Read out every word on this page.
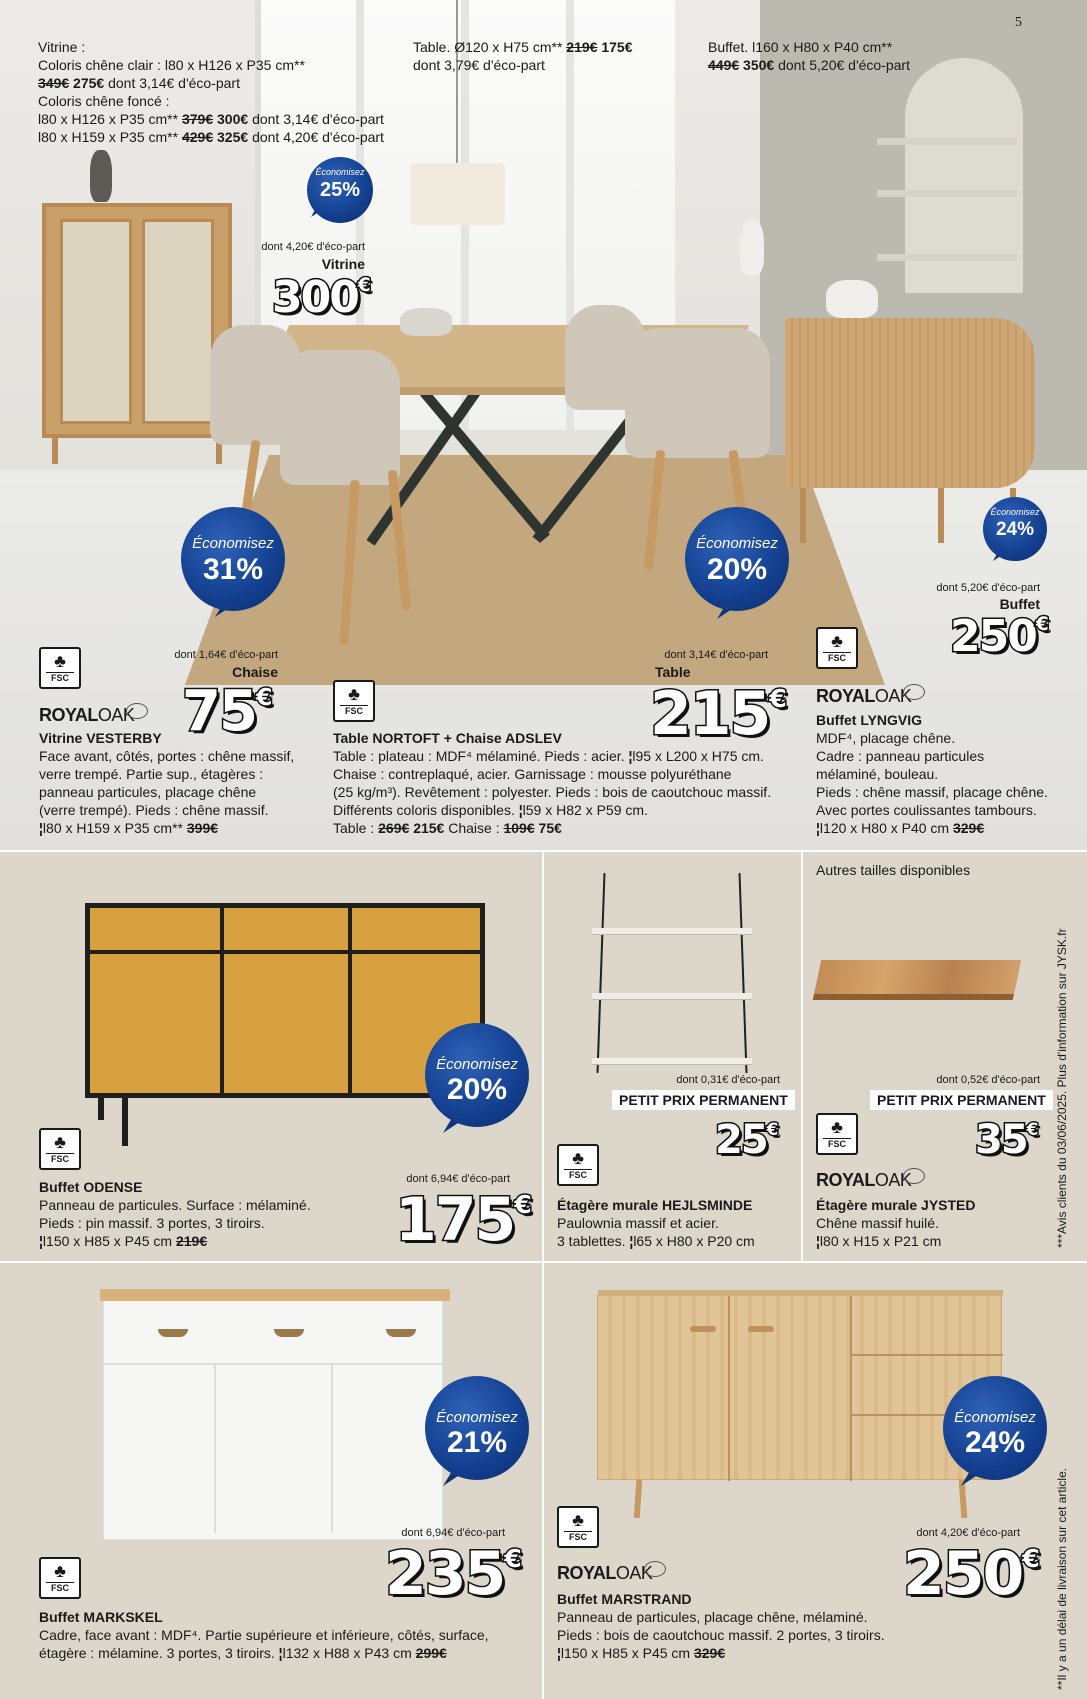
5
Vitrine :
Coloris chêne clair : l80 x H126 x P35 cm**
349€ 275€ dont 3,14€ d'éco-part
Coloris chêne foncé :
l80 x H126 x P35 cm** 379€ 300€ dont 3,14€ d'éco-part
l80 x H159 x P35 cm** 429€ 325€ dont 4,20€ d'éco-part
Table. Ø120 x H75 cm** 219€ 175€
dont 3,79€ d'éco-part
Buffet. l160 x H80 x P40 cm**
449€ 350€ dont 5,20€ d'éco-part
Économisez
25%
dont 4,20€ d'éco-part
Vitrine
300€
Économisez
31%
dont 1,64€ d'éco-part
Chaise
75€
Économisez
20%
dont 3,14€ d'éco-part
Table
215€
Économisez
24%
dont 5,20€ d'éco-part
Buffet
250€
♣
FSC
ROYALOAK
Vitrine VESTERBY
Face avant, côtés, portes : chêne massif,
verre trempé. Partie sup., étagères :
panneau particules, placage chêne
(verre trempé). Pieds : chêne massif.
¦l80 x H159 x P35 cm** 399€
♣
FSC
Table NORTOFT + Chaise ADSLEV
Table : plateau : MDF⁴ mélaminé. Pieds : acier. ¦l95 x L200 x H75 cm.
Chaise : contreplaqué, acier. Garnissage : mousse polyuréthane
(25 kg/m³). Revêtement : polyester. Pieds : bois de caoutchouc massif.
Différents coloris disponibles. ¦l59 x H82 x P59 cm.
Table : 269€ 215€ Chaise : 109€ 75€
♣
FSC
ROYALOAK
Buffet LYNGVIG
MDF⁴, placage chêne.
Cadre : panneau particules
mélaminé, bouleau.
Pieds : chêne massif, placage chêne.
Avec portes coulissantes tambours.
¦l120 x H80 x P40 cm 329€
Économisez
20%
♣
FSC
dont 6,94€ d'éco-part
175€
Buffet ODENSE
Panneau de particules. Surface : mélaminé.
Pieds : pin massif. 3 portes, 3 tiroirs.
¦l150 x H85 x P45 cm 219€
dont 0,31€ d'éco-part
PETIT PRIX PERMANENT
25€
♣
FSC
Étagère murale HEJLSMINDE
Paulownia massif et acier.
3 tablettes. ¦l65 x H80 x P20 cm
Autres tailles disponibles
dont 0,52€ d'éco-part
PETIT PRIX PERMANENT
♣
FSC	35€
ROYALOAK
Étagère murale JYSTED
Chêne massif huilé.
¦l80 x H15 x P21 cm	***Avis clients du 03/06/2025. Plus d'information sur JYSK.fr
Économisez
21%
dont 6,94€ d'éco-part
235€
♣
FSC
Buffet MARKSKEL
Cadre, face avant : MDF⁴. Partie supérieure et inférieure, côtés, surface,
étagère : mélamine. 3 portes, 3 tiroirs. ¦l132 x H88 x P43 cm 299€
Économisez
24%
♣
FSC	dont 4,20€ d'éco-part
250€
ROYALOAK
Buffet MARSTRAND
Panneau de particules, placage chêne, mélaminé.
Pieds : bois de caoutchouc massif. 2 portes, 3 tiroirs.
¦l150 x H85 x P45 cm 329€	**Il y a un délai de livraison sur cet article.
